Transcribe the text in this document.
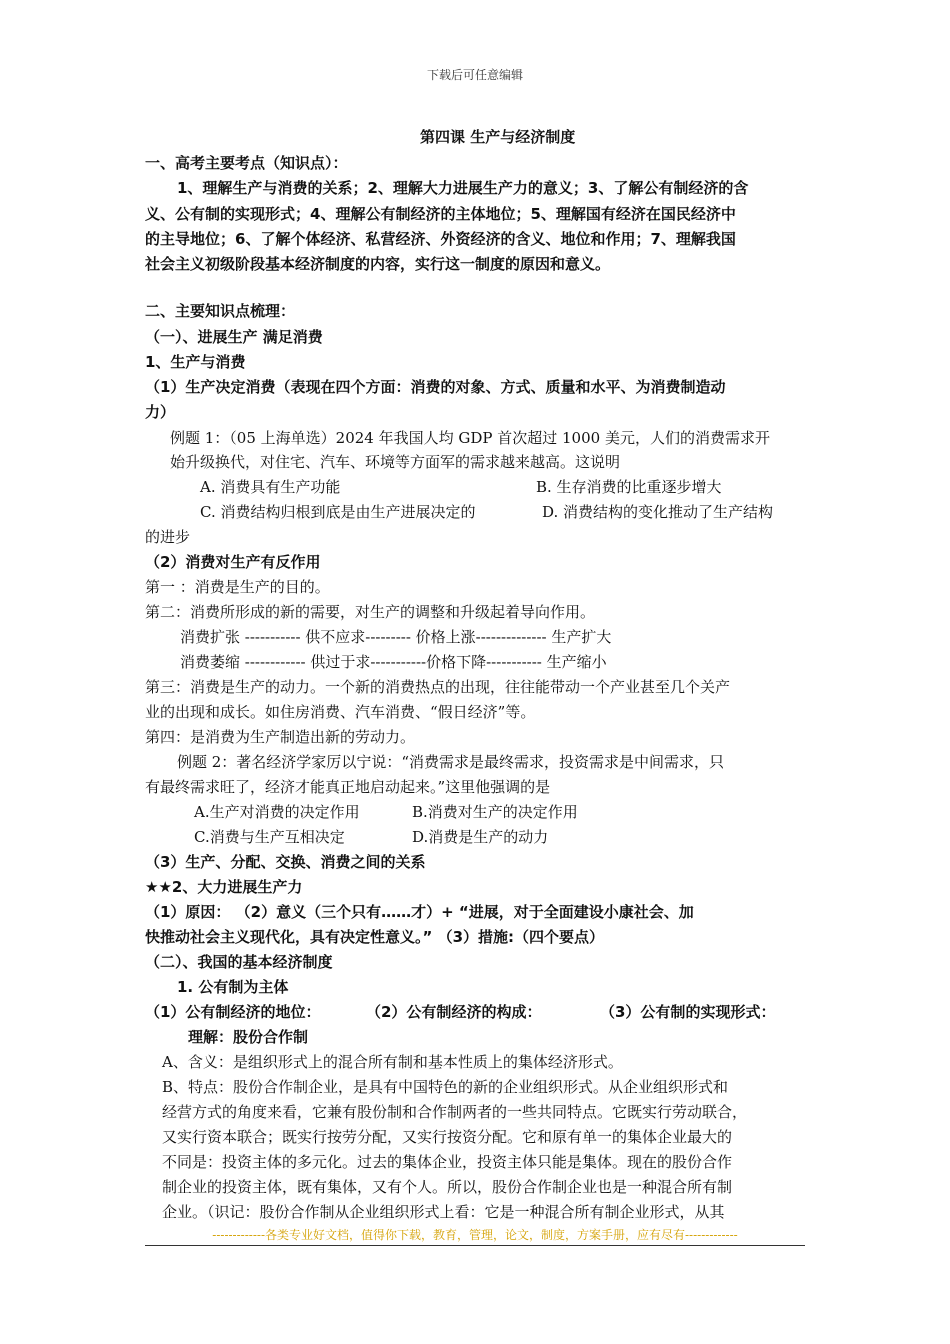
下载后可任意编辑
第四课 生产与经济制度
一、高考主要考点（知识点）：
1、理解生产与消费的关系；2、理解大力进展生产力的意义；3、了解公有制经济的含
义、公有制的实现形式；4、理解公有制经济的主体地位；5、理解国有经济在国民经济中
的主导地位；6、了解个体经济、私营经济、外资经济的含义、地位和作用；7、理解我国
社会主义初级阶段基本经济制度的内容，实行这一制度的原因和意义。
二、主要知识点梳理：
（一）、进展生产 满足消费
1、生产与消费
（1）生产决定消费（表现在四个方面：消费的对象、方式、质量和水平、为消费制造动
力）
例题 1：（05 上海单选）2024 年我国人均 GDP 首次超过 1000 美元，人们的消费需求开
始升级换代，对住宅、汽车、环境等方面军的需求越来越高。这说明
A. 消费具有生产功能	B. 生存消费的比重逐步增大
C. 消费结构归根到底是由生产进展决定的	D. 消费结构的变化推动了生产结构
的进步
（2）消费对生产有反作用
第一 ：消费是生产的目的。
第二：消费所形成的新的需要，对生产的调整和升级起着导向作用。
消费扩张 ----------- 供不应求--------- 价格上涨-------------- 生产扩大
消费萎缩 ------------ 供过于求-----------价格下降----------- 生产缩小
第三：消费是生产的动力。一个新的消费热点的出现，往往能带动一个产业甚至几个关产
业的出现和成长。如住房消费、汽车消费、“假日经济”等。
第四：是消费为生产制造出新的劳动力。
例题 2：著名经济学家厉以宁说：“消费需求是最终需求，投资需求是中间需求，只
有最终需求旺了，经济才能真正地启动起来。”这里他强调的是
A.生产对消费的决定作用	B.消费对生产的决定作用
C.消费与生产互相决定	D.消费是生产的动力
（3）生产、分配、交换、消费之间的关系
★★2、大力进展生产力
（1）原因： （2）意义（三个只有……才）+ “进展，对于全面建设小康社会、加
快推动社会主义现代化，具有决定性意义。” （3）措施:（四个要点）
（二）、我国的基本经济制度
1. 公有制为主体
（1）公有制经济的地位：	（2）公有制经济的构成：	（3）公有制的实现形式：
理解：股份合作制
A、含义：是组织形式上的混合所有制和基本性质上的集体经济形式。
B、特点：股份合作制企业，是具有中国特色的新的企业组织形式。从企业组织形式和
经营方式的角度来看，它兼有股份制和合作制两者的一些共同特点。它既实行劳动联合，
又实行资本联合；既实行按劳分配，又实行按资分配。它和原有单一的集体企业最大的
不同是：投资主体的多元化。过去的集体企业，投资主体只能是集体。现在的股份合作
制企业的投资主体，既有集体，又有个人。所以，股份合作制企业也是一种混合所有制
企业。（识记：股份合作制从企业组织形式上看：它是一种混合所有制企业形式，从其
-------------各类专业好文档，值得你下载，教育，管理，论文，制度，方案手册，应有尽有-------------
